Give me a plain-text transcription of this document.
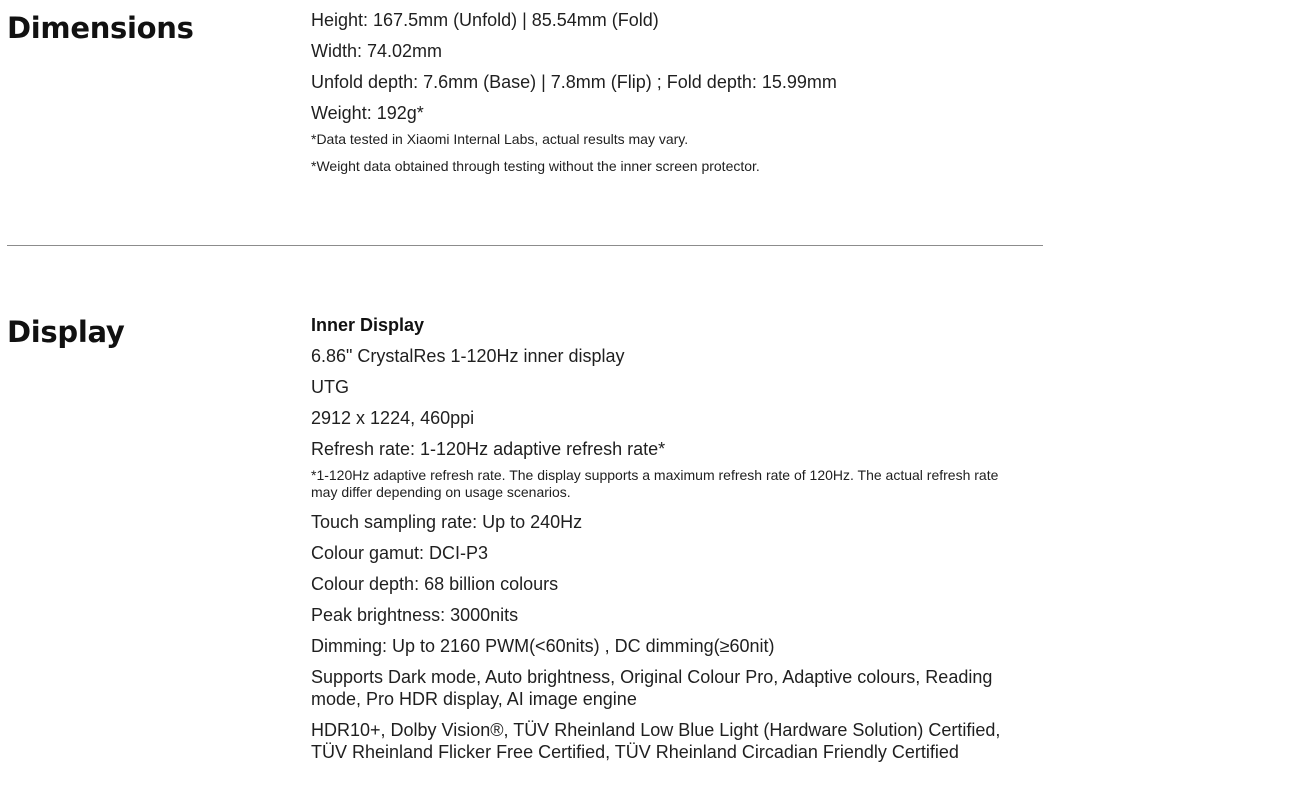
Dimensions	Height: 167.5mm (Unfold) | 85.54mm (Fold)
Width: 74.02mm
Unfold depth: 7.6mm (Base) | 7.8mm (Flip) ; Fold depth: 15.99mm
Weight: 192g*
*Data tested in Xiaomi Internal Labs, actual results may vary.
*Weight data obtained through testing without the inner screen protector.
Display	Inner Display
6.86" CrystalRes 1-120Hz inner display
UTG
2912 x 1224, 460ppi
Refresh rate: 1-120Hz adaptive refresh rate*
*1-120Hz adaptive refresh rate. The display supports a maximum refresh rate of 120Hz. The actual refresh rate may differ depending on usage scenarios.
Touch sampling rate: Up to 240Hz
Colour gamut: DCI-P3
Colour depth: 68 billion colours
Peak brightness: 3000nits
Dimming: Up to 2160 PWM(<60nits) , DC dimming(≥60nit)
Supports Dark mode, Auto brightness, Original Colour Pro, Adaptive colours, Reading mode, Pro HDR display, AI image engine
HDR10+, Dolby Vision®, TÜV Rheinland Low Blue Light (Hardware Solution) Certified, TÜV Rheinland Flicker Free Certified, TÜV Rheinland Circadian Friendly Certified
